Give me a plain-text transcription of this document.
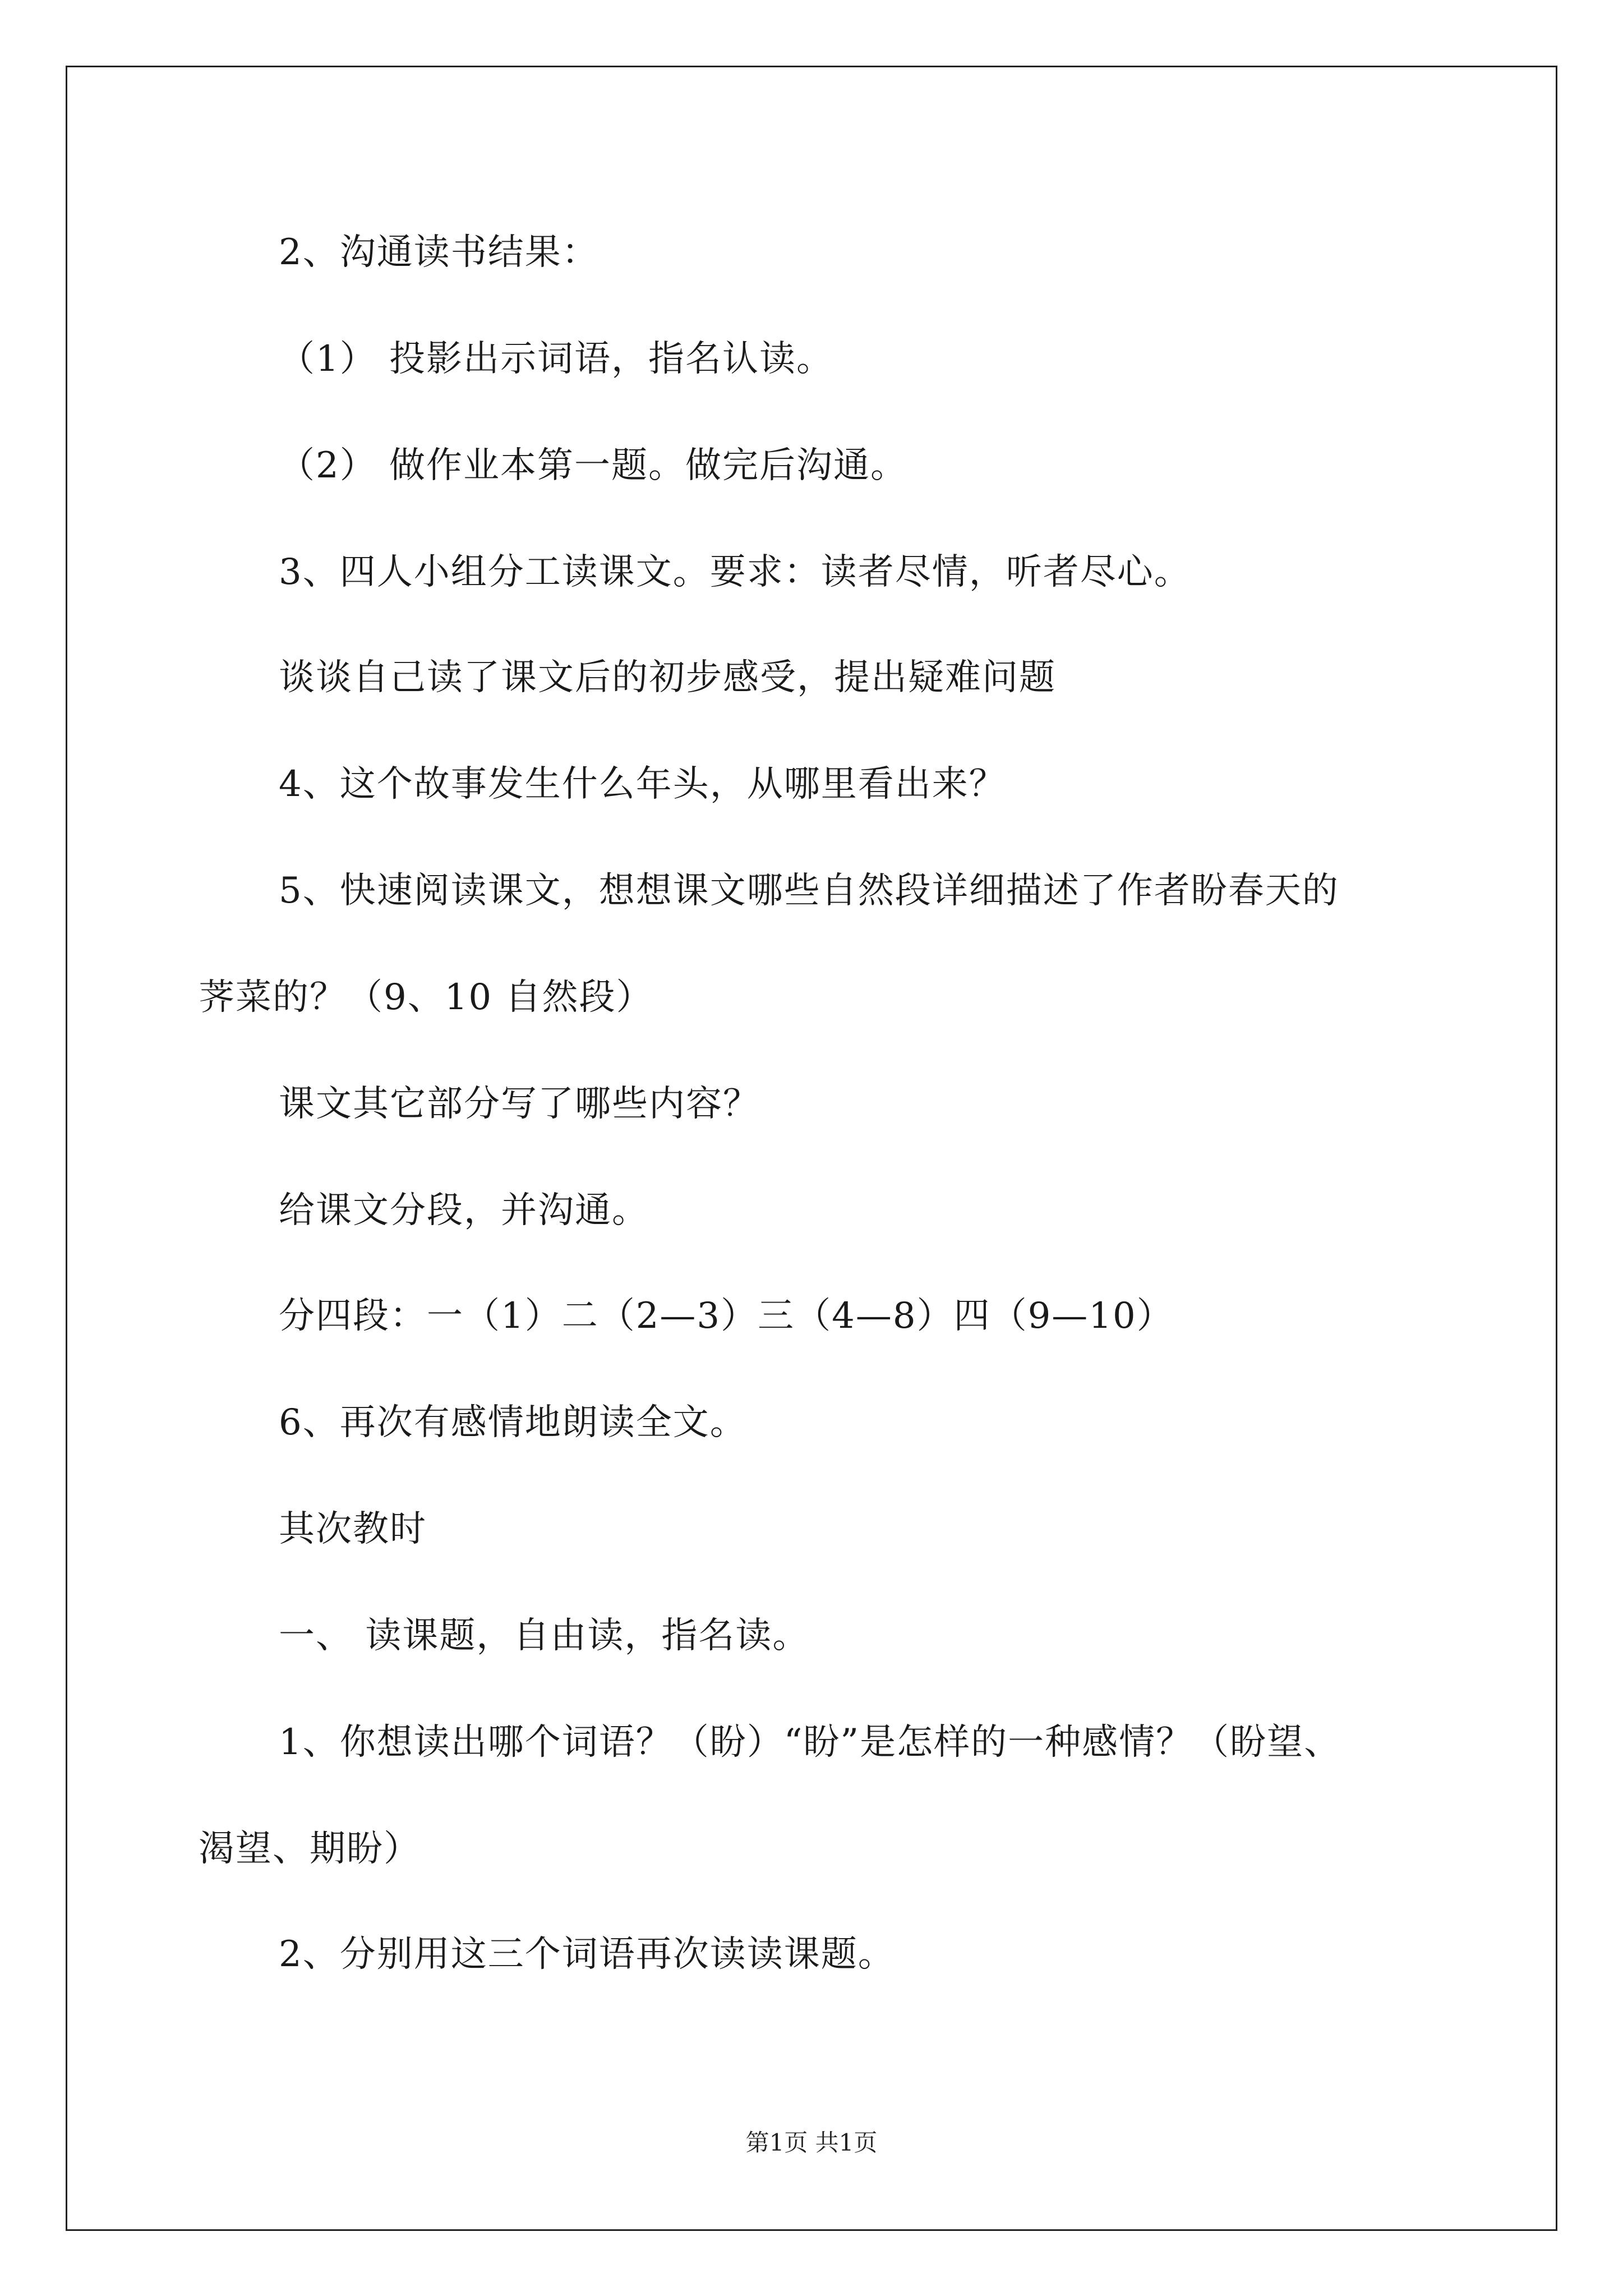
2、沟通读书结果：
（1） 投影出示词语，指名认读。
（2） 做作业本第一题。做完后沟通。
3、四人小组分工读课文。要求：读者尽情，听者尽心。
谈谈自己读了课文后的初步感受，提出疑难问题
4、这个故事发生什么年头，从哪里看出来？
5、快速阅读课文，想想课文哪些自然段详细描述了作者盼春天的
荠菜的？（9、10 自然段）
课文其它部分写了哪些内容？
给课文分段，并沟通。
分四段：一（1）二（2—3）三（4—8）四（9—10）
6、再次有感情地朗读全文。
其次教时
一、 读课题，自由读，指名读。
1、你想读出哪个词语？（盼）“盼”是怎样的一种感情？（盼望、
渴望、期盼）
2、分别用这三个词语再次读读课题。
第1页 共1页
